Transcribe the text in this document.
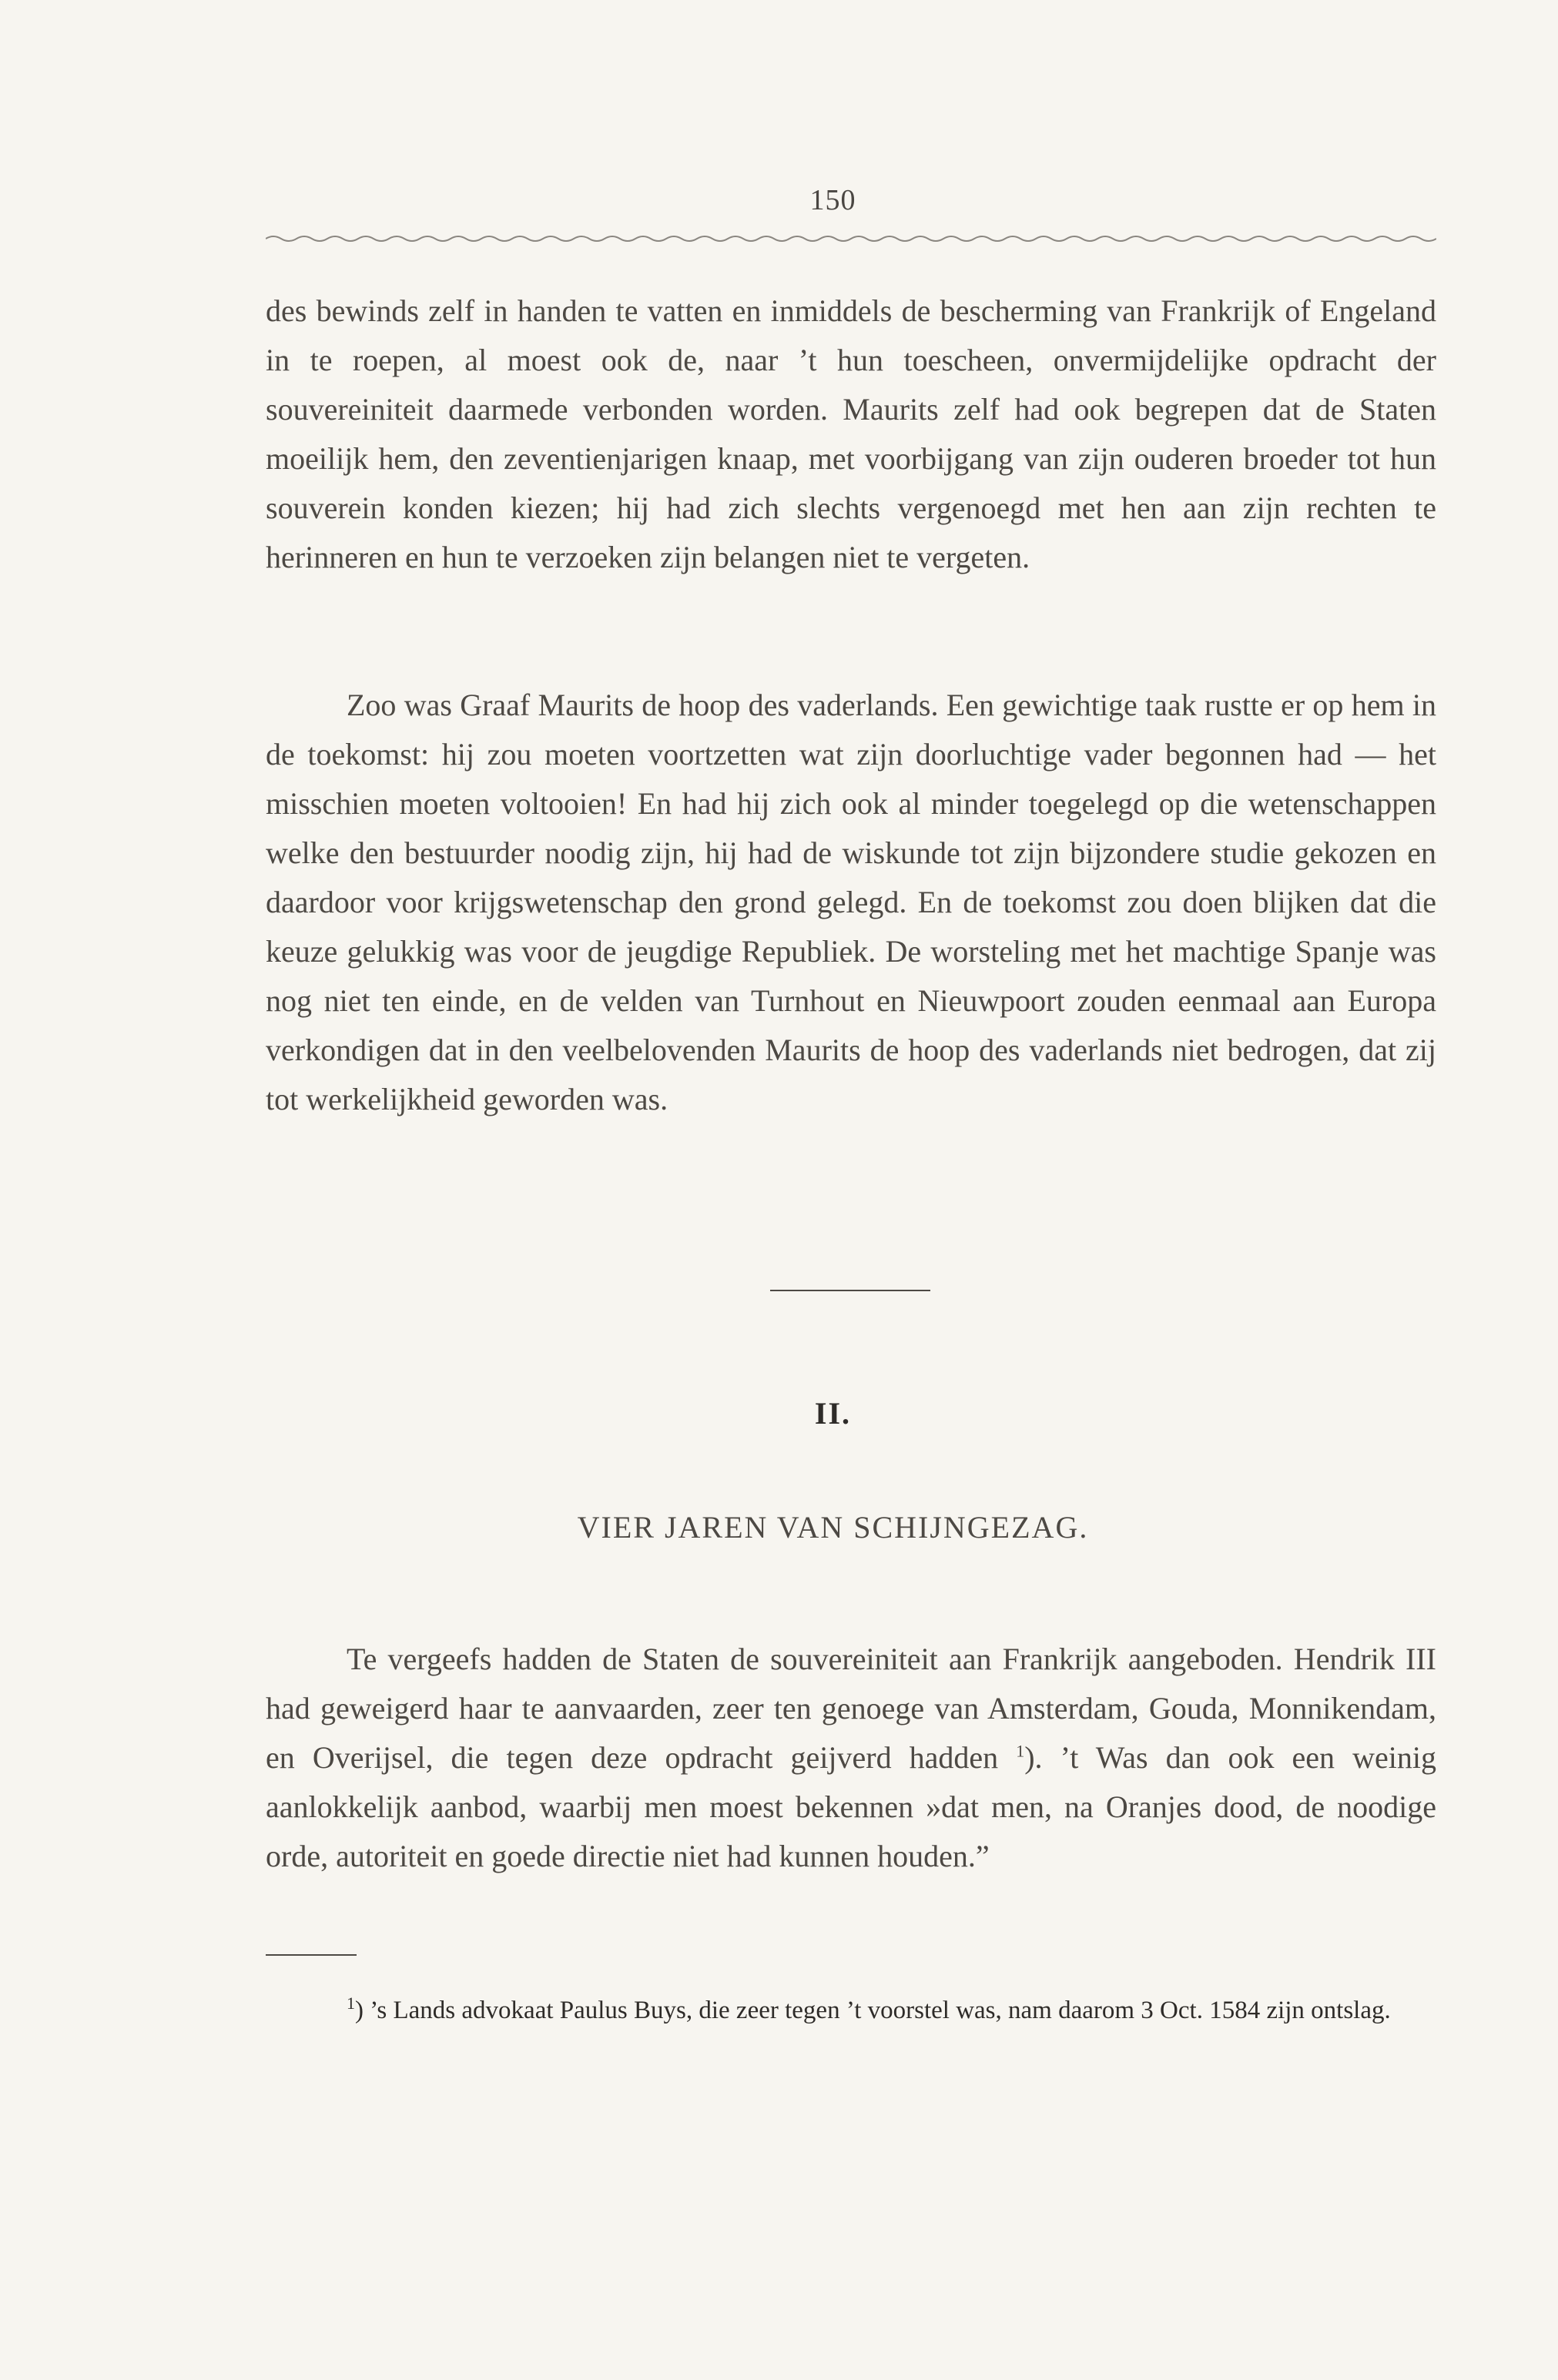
150

des bewinds zelf in handen te vatten en inmiddels de bescherming van Frankrijk of Engeland in te roepen, al moest ook de, naar ’t hun toescheen, onvermijdelijke opdracht der souvereiniteit daarmede verbonden worden. Maurits zelf had ook begrepen dat de Staten moeilijk hem, den zeventienjarigen knaap, met voorbijgang van zijn ouderen broeder tot hun souverein konden kiezen; hij had zich slechts vergenoegd met hen aan zijn rechten te herinneren en hun te verzoeken zijn belangen niet te vergeten.

Zoo was Graaf Maurits de hoop des vaderlands. Een gewichtige taak rustte er op hem in de toekomst: hij zou moeten voortzetten wat zijn doorluchtige vader begonnen had — het misschien moeten voltooien! En had hij zich ook al minder toegelegd op die wetenschappen welke den bestuurder noodig zijn, hij had de wiskunde tot zijn bijzondere studie gekozen en daardoor voor krijgswetenschap den grond gelegd. En de toekomst zou doen blijken dat die keuze gelukkig was voor de jeugdige Republiek. De worsteling met het machtige Spanje was nog niet ten einde, en de velden van Turnhout en Nieuwpoort zouden eenmaal aan Europa verkondigen dat in den veelbelovenden Maurits de hoop des vaderlands niet bedrogen, dat zij tot werkelijkheid geworden was.

II.
VIER JAREN VAN SCHIJNGEZAG.

Te vergeefs hadden de Staten de souvereiniteit aan Frankrijk aangeboden. Hendrik III had geweigerd haar te aanvaarden, zeer ten genoege van Amsterdam, Gouda, Monnikendam, en Overijsel, die tegen deze opdracht geijverd hadden $^1$). ’t Was dan ook een weinig aanlokkelijk aanbod, waarbij men moest bekennen »dat men, na Oranjes dood, de noodige orde, autoriteit en goede directie niet had kunnen houden.”

$^1$) ’s Lands advokaat Paulus Buys, die zeer tegen ’t voorstel was, nam daarom 3 Oct. 1584 zijn ontslag.
